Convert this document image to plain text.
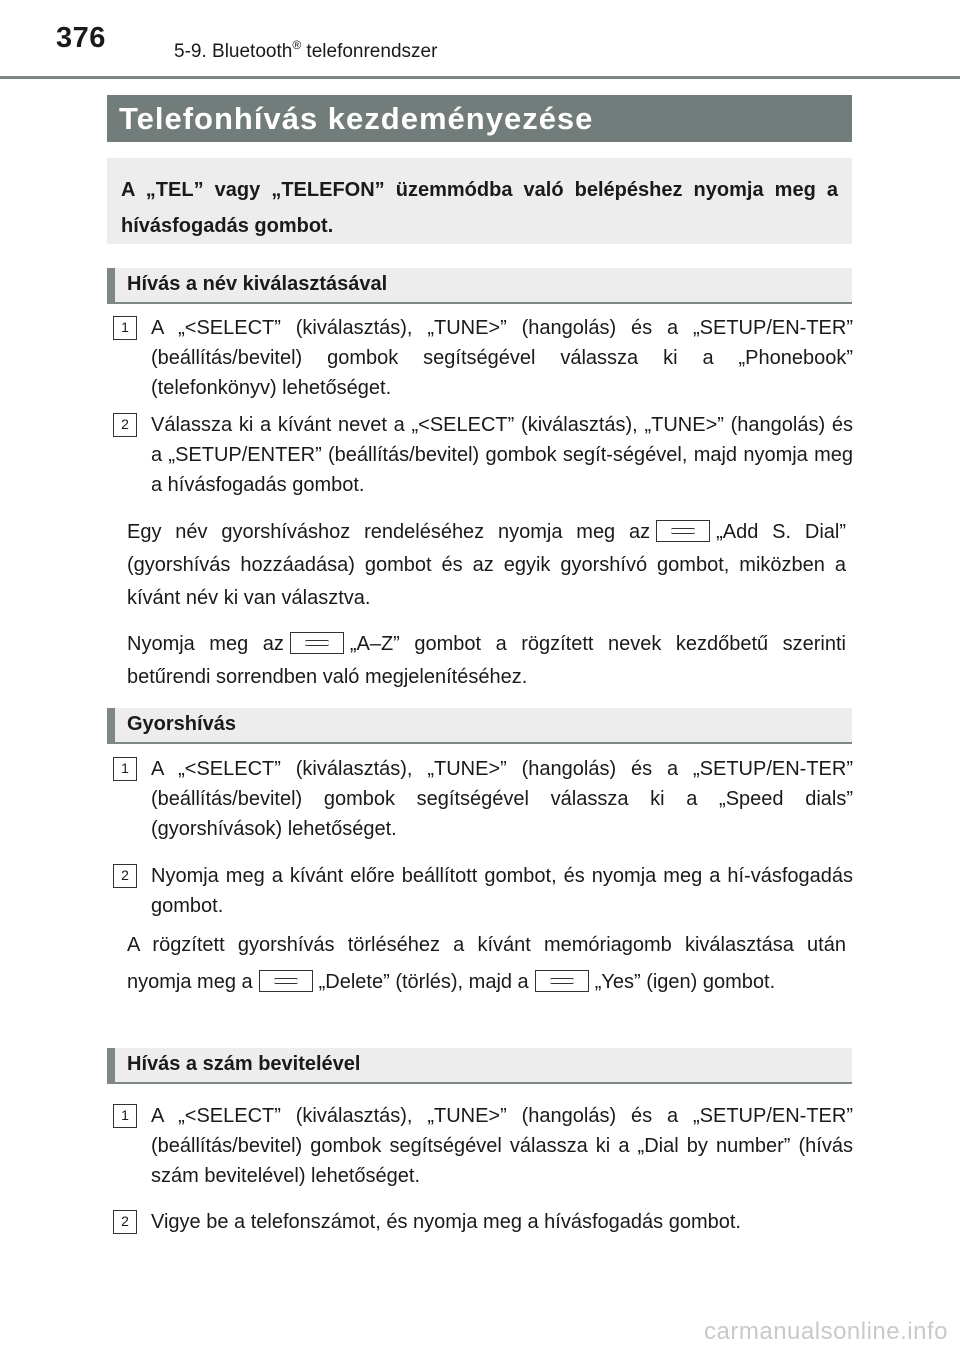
376	5-9. Bluetooth® telefonrendszer
Telefonhívás kezdeményezése
A „TEL” vagy „TELEFON” üzemmódba való belépéshez nyomja meg a hívásfogadás gombot.
Hívás a név kiválasztásával
1	A „<SELECT” (kiválasztás), „TUNE>” (hangolás) és a „SETUP/EN-TER” (beállítás/bevitel) gombok segítségével válassza ki a „Phonebook” (telefonkönyv) lehetőséget.
2	Válassza ki a kívánt nevet a „<SELECT” (kiválasztás), „TUNE>” (hangolás) és a „SETUP/ENTER” (beállítás/bevitel) gombok segít-ségével, majd nyomja meg a hívásfogadás gombot.
Egy név gyorshíváshoz rendeléséhez nyomja meg az	„Add S. Dial” (gyorshívás hozzáadása) gombot és az egyik gyorshívó gombot, miközben a kívánt név ki van választva.
Nyomja meg az	„A–Z” gombot a rögzített nevek kezdőbetű szerinti betűrendi sorrendben való megjelenítéséhez.
Gyorshívás
1	A „<SELECT” (kiválasztás), „TUNE>” (hangolás) és a „SETUP/EN-TER” (beállítás/bevitel) gombok segítségével válassza ki a „Speed dials” (gyorshívások) lehetőséget.
2	Nyomja meg a kívánt előre beállított gombot, és nyomja meg a hí-vásfogadás gombot.
A rögzített gyorshívás törléséhez a kívánt memóriagomb kiválasztása után nyomja meg a	„Delete” (törlés), majd a	„Yes” (igen) gombot.
Hívás a szám bevitelével
1	A „<SELECT” (kiválasztás), „TUNE>” (hangolás) és a „SETUP/EN-TER” (beállítás/bevitel) gombok segítségével válassza ki a „Dial by number” (hívás szám bevitelével) lehetőséget.
2	Vigye be a telefonszámot, és nyomja meg a hívásfogadás gombot.
carmanualsonline.info
